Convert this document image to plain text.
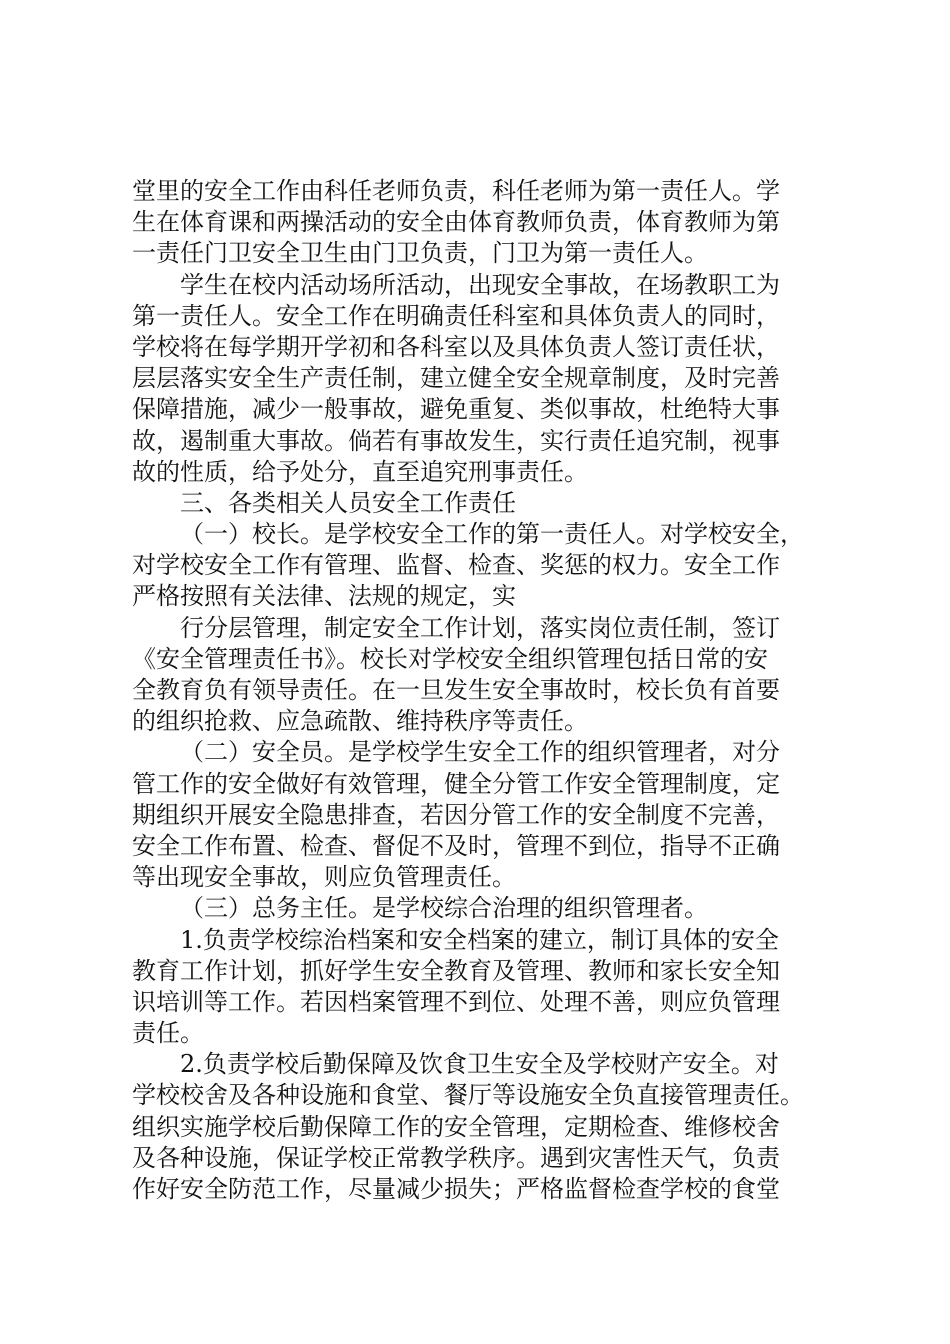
堂里的安全工作由科任老师负责，科任老师为第一责任人。学
生在体育课和两操活动的安全由体育教师负责，体育教师为第
一责任门卫安全卫生由门卫负责，门卫为第一责任人。
学生在校内活动场所活动，出现安全事故，在场教职工为
第一责任人。安全工作在明确责任科室和具体负责人的同时，
学校将在每学期开学初和各科室以及具体负责人签订责任状，
层层落实安全生产责任制，建立健全安全规章制度，及时完善
保障措施，减少一般事故，避免重复、类似事故，杜绝特大事
故，遏制重大事故。倘若有事故发生，实行责任追究制，视事
故的性质，给予处分，直至追究刑事责任。
三、各类相关人员安全工作责任
（一）校长。是学校安全工作的第一责任人。对学校安全，
对学校安全工作有管理、监督、检查、奖惩的权力。安全工作
严格按照有关法律、法规的规定，实
行分层管理，制定安全工作计划，落实岗位责任制，签订
《安全管理责任书》。校长对学校安全组织管理包括日常的安
全教育负有领导责任。在一旦发生安全事故时，校长负有首要
的组织抢救、应急疏散、维持秩序等责任。
（二）安全员。是学校学生安全工作的组织管理者，对分
管工作的安全做好有效管理，健全分管工作安全管理制度，定
期组织开展安全隐患排查，若因分管工作的安全制度不完善，
安全工作布置、检查、督促不及时，管理不到位，指导不正确
等出现安全事故，则应负管理责任。
（三）总务主任。是学校综合治理的组织管理者。
1.负责学校综治档案和安全档案的建立，制订具体的安全
教育工作计划，抓好学生安全教育及管理、教师和家长安全知
识培训等工作。若因档案管理不到位、处理不善，则应负管理
责任。
2.负责学校后勤保障及饮食卫生安全及学校财产安全。对
学校校舍及各种设施和食堂、餐厅等设施安全负直接管理责任。
组织实施学校后勤保障工作的安全管理，定期检查、维修校舍
及各种设施，保证学校正常教学秩序。遇到灾害性天气，负责
作好安全防范工作，尽量减少损失；严格监督检查学校的食堂
